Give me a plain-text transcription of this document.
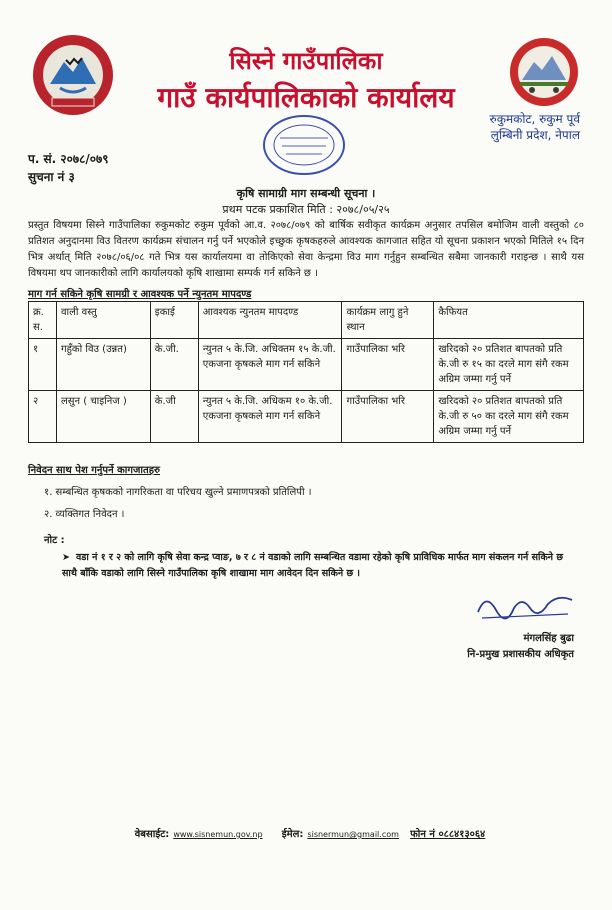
सिस्ने गाउँपालिका
गाउँ कार्यपालिकाको कार्यालय
रुकुमकोट, रुकुम पूर्व
लुम्बिनी प्रदेश, नेपाल
प. सं. २०७८/०७९
सुचना नं ३
कृषि सामाग्री माग सम्बन्धी सूचना ।
प्रथम पटक प्रकाशित मिति : २०७८/०५/२५
प्रस्तुत विषयमा सिस्ने गाउँपालिका रुकुमकोट रुकुम पूर्वको आ.व. २०७८/०७९ को बार्षिक सवीकृत कार्यक्रम अनुसार तपसिल बमोजिम वाली वस्तुको ८० प्रतिशत अनुदानमा विउ वितरण कार्यक्रम संचालन गर्नु पर्ने भएकोले इच्छुक कृषकहरुले आवश्यक कागजात सहित यो सूचना प्रकाशन भएको मितिले १५ दिन भित्र अर्थात् मिति २०७८/०६/०८ गते भित्र यस कार्यालयमा वा तोकिएको सेवा केन्द्रमा विउ माग गर्नुहुन सम्बन्धित सबैमा जानकारी गराइन्छ । साथै यस विषयमा थप जानकारीको लागि कार्यालयको कृषि शाखामा सम्पर्क गर्न सकिने छ ।
माग गर्न सकिने कृषि सामग्री र आवश्यक पर्ने न्युनतम मापदण्ड
क्र. स.	वाली वस्तु	इकाई	आवश्यक न्युनतम मापदण्ड	कार्यक्रम लागु हुने स्थान	कैफियत
१	गहुँको विउ (उन्नत)	के.जी.	न्युनत ५ के.जि. अधिक्तम १५ के.जी. एकजना कृषकले माग गर्न सकिने	गाउँपालिका भरि	खरिदको २० प्रतिशत बापतको प्रति के.जी रु १५ का दरले माग संगै रकम अग्रिम जम्मा गर्नु पर्ने
२	लसुन ( चाइनिज )	के.जी	न्युनत ५ के.जि. अधिकम १० के.जी. एकजना कृषकले माग गर्न सकिने	गाउँपालिका भरि	खरिदको २० प्रतिशत बापतको प्रति के.जी रु ५० का दरले माग संगै रकम अग्रिम जम्मा गर्नु पर्ने
निवेदन साथ पेश गर्नुपर्ने कागजातहरु
१. सम्बन्धित कृषकको नागरिकता वा परिचय खुल्ने प्रमाणपत्रको प्रतिलिपी ।
२. व्यक्तिगत निवेदन ।
नोट :
➤ वडा नं १ र २ को लागि कृषि सेवा कन्द्र प्वाङ, ७ र ८ नं वडाको लागि सम्बन्धित वडामा रहेको कृषि प्राविधिक मार्फत माग संकलन गर्न सकिने छ साथै बाँकि वडाको लागि सिस्ने गाउँपालिका कृषि शाखामा माग आवेदन दिन सकिने छ ।
मंगलसिंह बुढा
नि-प्रमुख प्रशासकीय अधिकृत
वेबसाईट: www.sisnemun.gov.np ईमेल: sisnermun@gmail.com फोन नं ०८८४१३०६४
